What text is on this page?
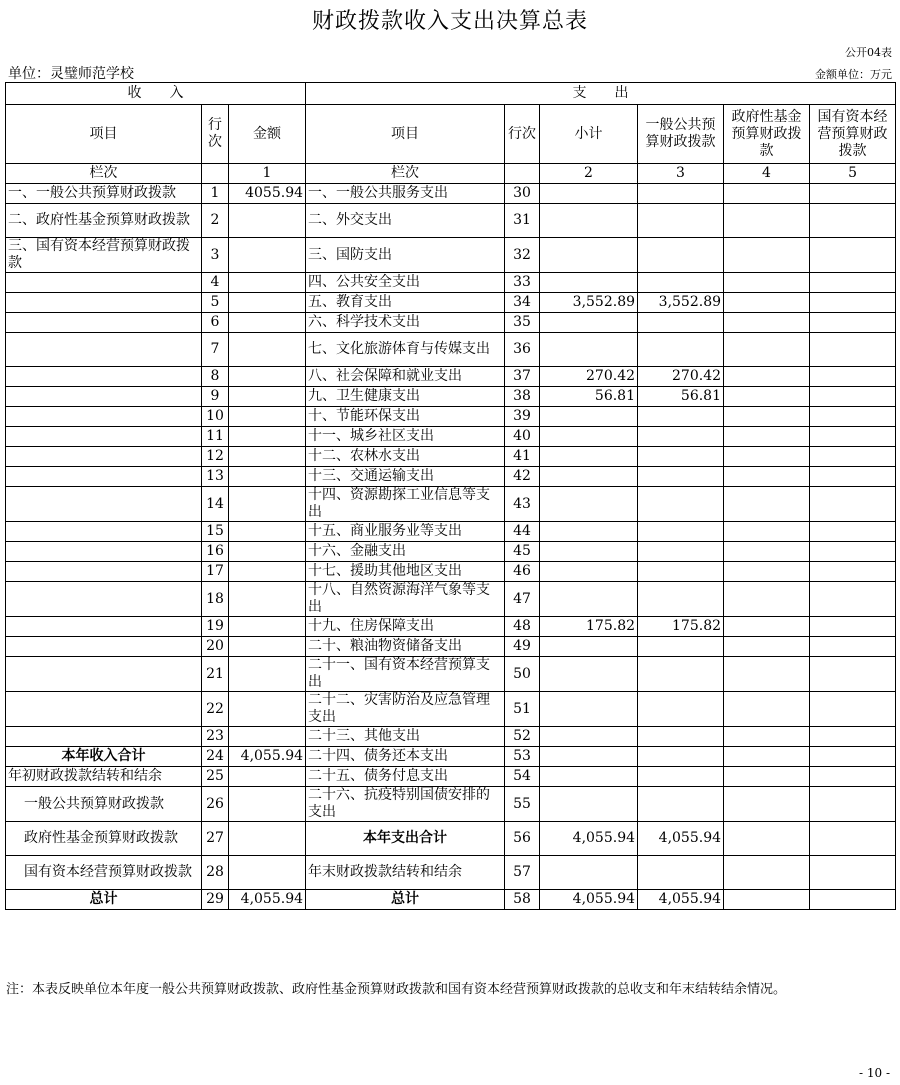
财政拨款收入支出决算总表
公开04表
单位：灵璧师范学校	金额单位：万元
收　　入			支　　出					
项目	行次	金额	项目	行次	小计	一般公共预算财政拨款	政府性基金预算财政拨款	国有资本经营预算财政拨款
栏次		1	栏次		2	3	4	5
一、一般公共预算财政拨款	1	4055.94	一、一般公共服务支出	30				
二、政府性基金预算财政拨款	2		二、外交支出	31				
三、国有资本经营预算财政拨款	3		三、国防支出	32				
	4		四、公共安全支出	33				
	5		五、教育支出	34	3,552.89	3,552.89		
	6		六、科学技术支出	35				
	7		七、文化旅游体育与传媒支出	36				
	8		八、社会保障和就业支出	37	270.42	270.42		
	9		九、卫生健康支出	38	56.81	56.81		
	10		十、节能环保支出	39				
	11		十一、城乡社区支出	40				
	12		十二、农林水支出	41				
	13		十三、交通运输支出	42				
	14		十四、资源勘探工业信息等支出	43				
	15		十五、商业服务业等支出	44				
	16		十六、金融支出	45				
	17		十七、援助其他地区支出	46				
	18		十八、自然资源海洋气象等支出	47				
	19		十九、住房保障支出	48	175.82	175.82		
	20		二十、粮油物资储备支出	49				
	21		二十一、国有资本经营预算支出	50				
	22		二十二、灾害防治及应急管理支出	51				
	23		二十三、其他支出	52				
本年收入合计	24	4,055.94	二十四、债务还本支出	53				
年初财政拨款结转和结余	25		二十五、债务付息支出	54				
一般公共预算财政拨款	26		二十六、抗疫特别国债安排的支出	55				
政府性基金预算财政拨款	27		本年支出合计	56	4,055.94	4,055.94		
国有资本经营预算财政拨款	28		年末财政拨款结转和结余	57				
总计	29	4,055.94	总计	58	4,055.94	4,055.94		
注：本表反映单位本年度一般公共预算财政拨款、政府性基金预算财政拨款和国有资本经营预算财政拨款的总收支和年末结转结余情况。
- 10 -
